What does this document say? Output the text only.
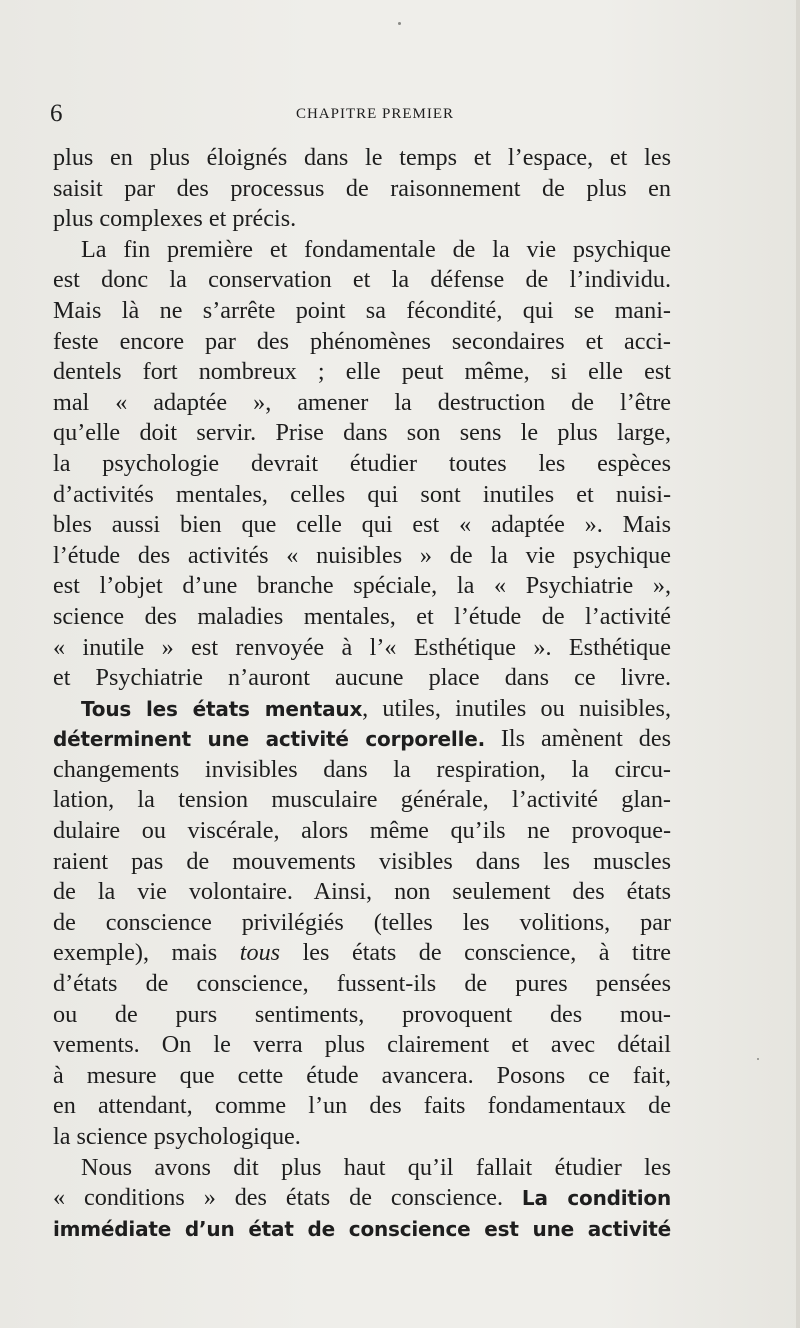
6	CHAPITRE PREMIER
plus en plus éloignés dans le temps et l’espace, et les
saisit par des processus de raisonnement de plus en
plus complexes et précis.
La fin première et fondamentale de la vie psychique
est donc la conservation et la défense de l’individu.
Mais là ne s’arrête point sa fécondité, qui se mani-
feste encore par des phénomènes secondaires et acci-
dentels fort nombreux ; elle peut même, si elle est
mal « adaptée », amener la destruction de l’être
qu’elle doit servir. Prise dans son sens le plus large,
la psychologie devrait étudier toutes les espèces
d’activités mentales, celles qui sont inutiles et nuisi-
bles aussi bien que celle qui est « adaptée ». Mais
l’étude des activités « nuisibles » de la vie psychique
est l’objet d’une branche spéciale, la « Psychiatrie »,
science des maladies mentales, et l’étude de l’activité
« inutile » est renvoyée à l’« Esthétique ». Esthétique
et Psychiatrie n’auront aucune place dans ce livre.
Tous les états mentaux, utiles, inutiles ou nuisibles,
déterminent une activité corporelle. Ils amènent des
changements invisibles dans la respiration, la circu-
lation, la tension musculaire générale, l’activité glan-
dulaire ou viscérale, alors même qu’ils ne provoque-
raient pas de mouvements visibles dans les muscles
de la vie volontaire. Ainsi, non seulement des états
de conscience privilégiés (telles les volitions, par
exemple), mais tous les états de conscience, à titre
d’états de conscience, fussent-ils de pures pensées
ou de purs sentiments, provoquent des mou-
vements. On le verra plus clairement et avec détail
à mesure que cette étude avancera. Posons ce fait,
en attendant, comme l’un des faits fondamentaux de
la science psychologique.
Nous avons dit plus haut qu’il fallait étudier les
« conditions » des états de conscience. La condition
immédiate d’un état de conscience est une activité
